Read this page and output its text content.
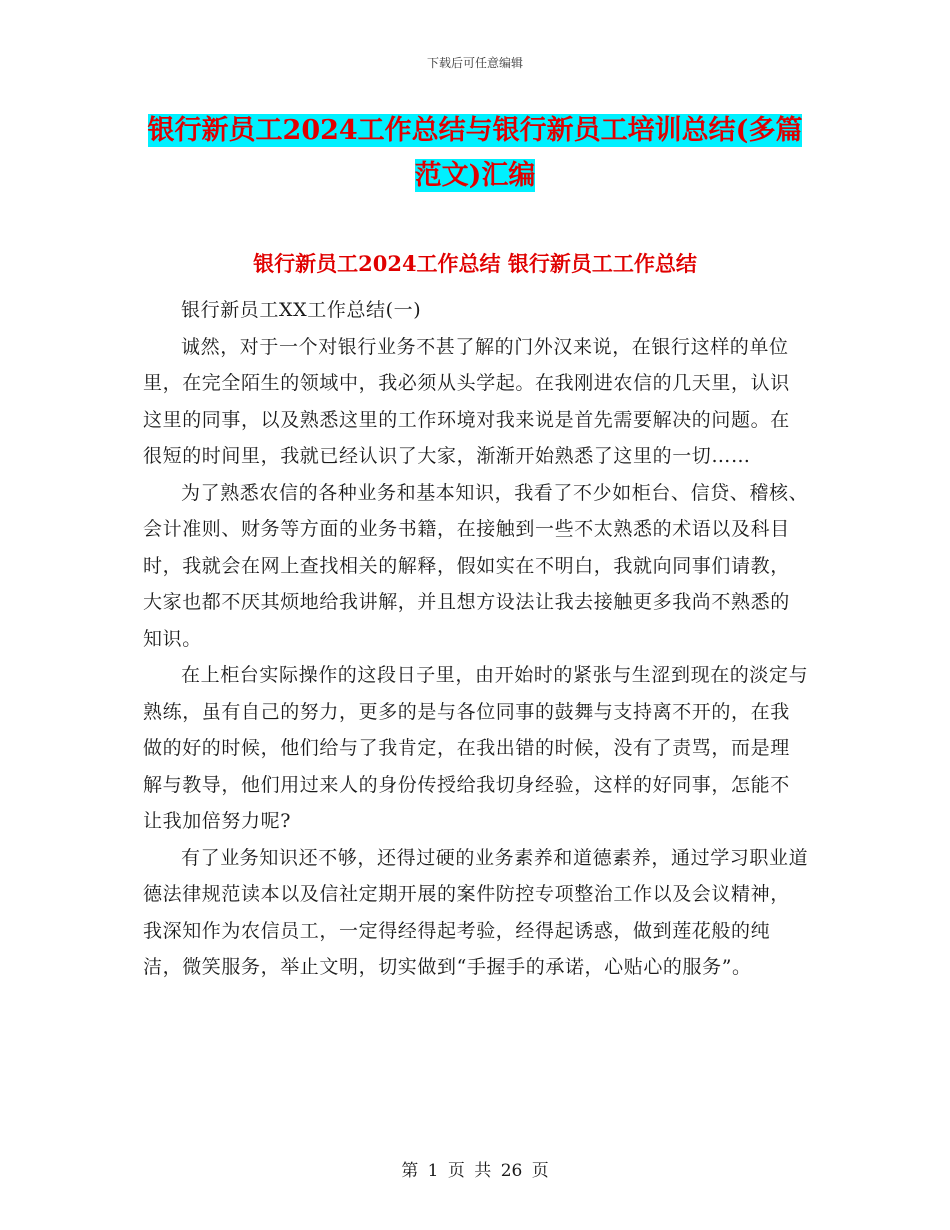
下载后可任意编辑
银行新员工2024工作总结与银行新员工培训总结(多篇范文)汇编
银行新员工2024工作总结 银行新员工工作总结

银行新员工XX工作总结(一)

诚然，对于一个对银行业务不甚了解的门外汉来说，在银行这样的单位里，在完全陌生的领域中，我必须从头学起。在我刚进农信的几天里，认识这里的同事，以及熟悉这里的工作环境对我来说是首先需要解决的问题。在很短的时间里，我就已经认识了大家，渐渐开始熟悉了这里的一切……

为了熟悉农信的各种业务和基本知识，我看了不少如柜台、信贷、稽核、会计准则、财务等方面的业务书籍，在接触到一些不太熟悉的术语以及科目时，我就会在网上查找相关的解释，假如实在不明白，我就向同事们请教，大家也都不厌其烦地给我讲解，并且想方设法让我去接触更多我尚不熟悉的知识。

在上柜台实际操作的这段日子里，由开始时的紧张与生涩到现在的淡定与熟练，虽有自己的努力，更多的是与各位同事的鼓舞与支持离不开的，在我做的好的时候，他们给与了我肯定，在我出错的时候，没有了责骂，而是理解与教导，他们用过来人的身份传授给我切身经验，这样的好同事，怎能不让我加倍努力呢?

有了业务知识还不够，还得过硬的业务素养和道德素养，通过学习职业道德法律规范读本以及信社定期开展的案件防控专项整治工作以及会议精神， 我深知作为农信员工，一定得经得起考验，经得起诱惑，做到莲花般的纯洁，微笑服务，举止文明，切实做到“手握手的承诺，心贴心的服务”。

第 1 页 共 26 页
